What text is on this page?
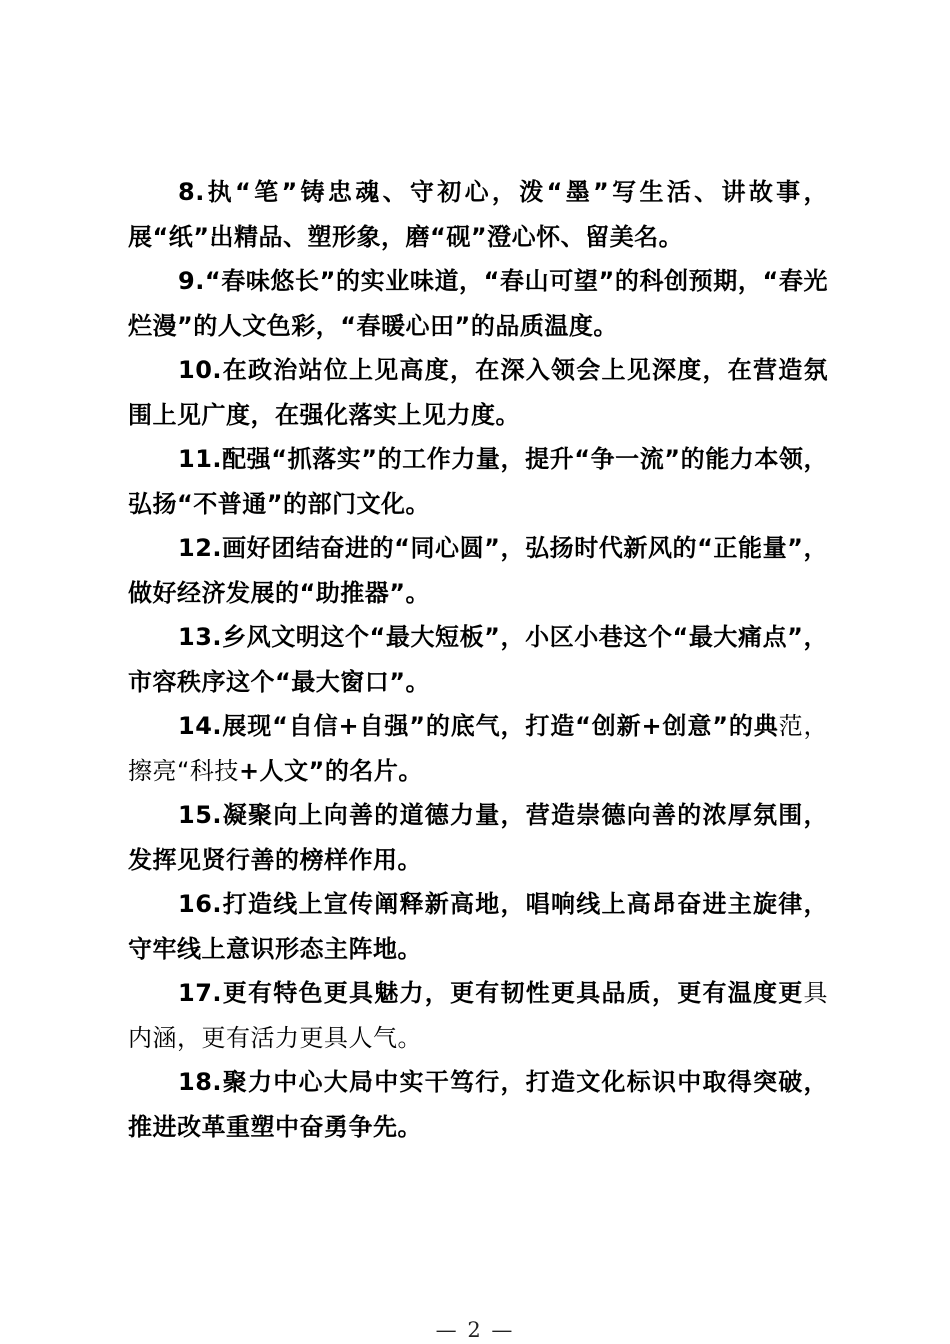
8.执“笔”铸忠魂、守初心，泼“墨”写生活、讲故事，展“纸”出精品、塑形象，磨“砚”澄心怀、留美名。

9.“春味悠长”的实业味道，“春山可望”的科创预期，“春光烂漫”的人文色彩，“春暖心田”的品质温度。

10.在政治站位上见高度，在深入领会上见深度，在营造氛围上见广度，在强化落实上见力度。

11.配强“抓落实”的工作力量，提升“争一流”的能力本领，弘扬“不普通”的部门文化。

12.画好团结奋进的“同心圆”，弘扬时代新风的“正能量”，做好经济发展的“助推器”。

13.乡风文明这个“最大短板”，小区小巷这个“最大痛点”，市容秩序这个“最大窗口”。

14.展现“自信+自强”的底气，打造“创新+创意”的典范，擦亮“科技+人文”的名片。

15.凝聚向上向善的道德力量，营造崇德向善的浓厚氛围，发挥见贤行善的榜样作用。

16.打造线上宣传阐释新高地，唱响线上高昂奋进主旋律，守牢线上意识形态主阵地。

17.更有特色更具魅力，更有韧性更具品质，更有温度更具内涵，更有活力更具人气。

18.聚力中心大局中实干笃行，打造文化标识中取得突破，推进改革重塑中奋勇争先。

— 2 —
